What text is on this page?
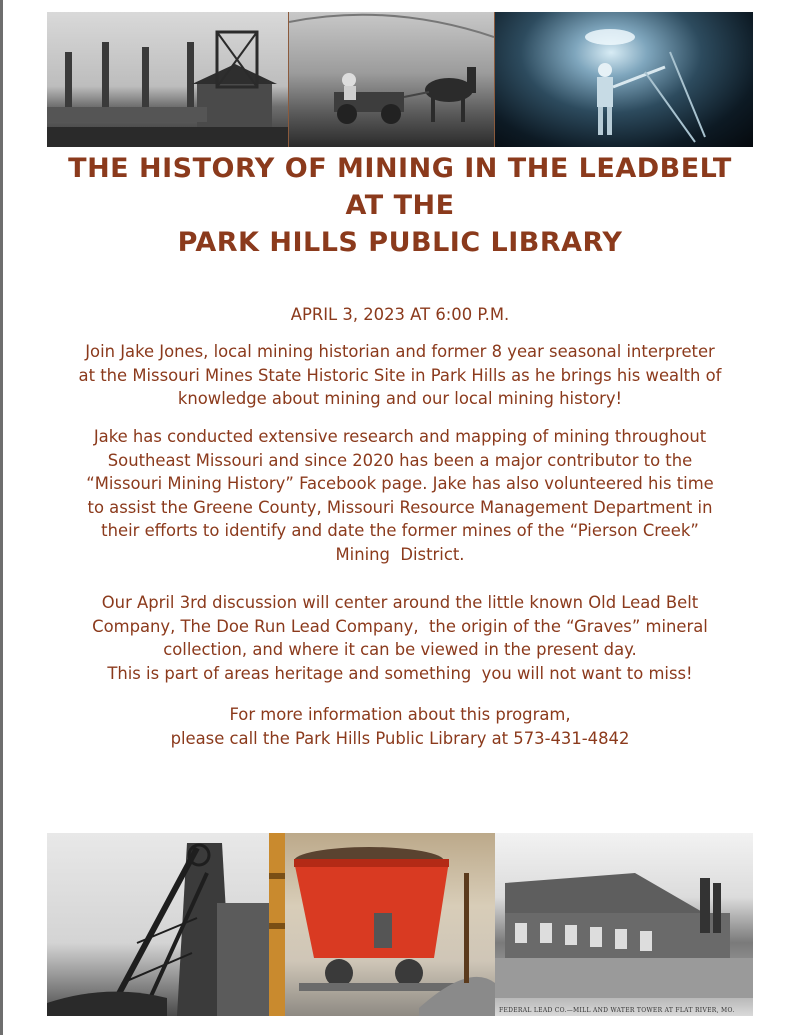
THE HISTORY OF MINING IN THE LEADBELT
AT THE
PARK HILLS PUBLIC LIBRARY
APRIL 3, 2023 AT 6:00 P.M.
Join Jake Jones, local mining historian and former 8 year seasonal interpreter
at the Missouri Mines State Historic Site in Park Hills as he brings his wealth of
knowledge about mining and our local mining history!
Jake has conducted extensive research and mapping of mining throughout
Southeast Missouri and since 2020 has been a major contributor to the
“Missouri Mining History” Facebook page. Jake has also volunteered his time
to assist the Greene County, Missouri Resource Management Department in
their efforts to identify and date the former mines of the “Pierson Creek”
Mining  District.
Our April 3rd discussion will center around the little known Old Lead Belt
Company, The Doe Run Lead Company,  the origin of the “Graves” mineral
collection, and where it can be viewed in the present day.
This is part of areas heritage and something  you will not want to miss!
For more information about this program,
please call the Park Hills Public Library at 573-431-4842
FEDERAL LEAD CO.—MILL AND WATER TOWER AT FLAT RIVER, MO.
